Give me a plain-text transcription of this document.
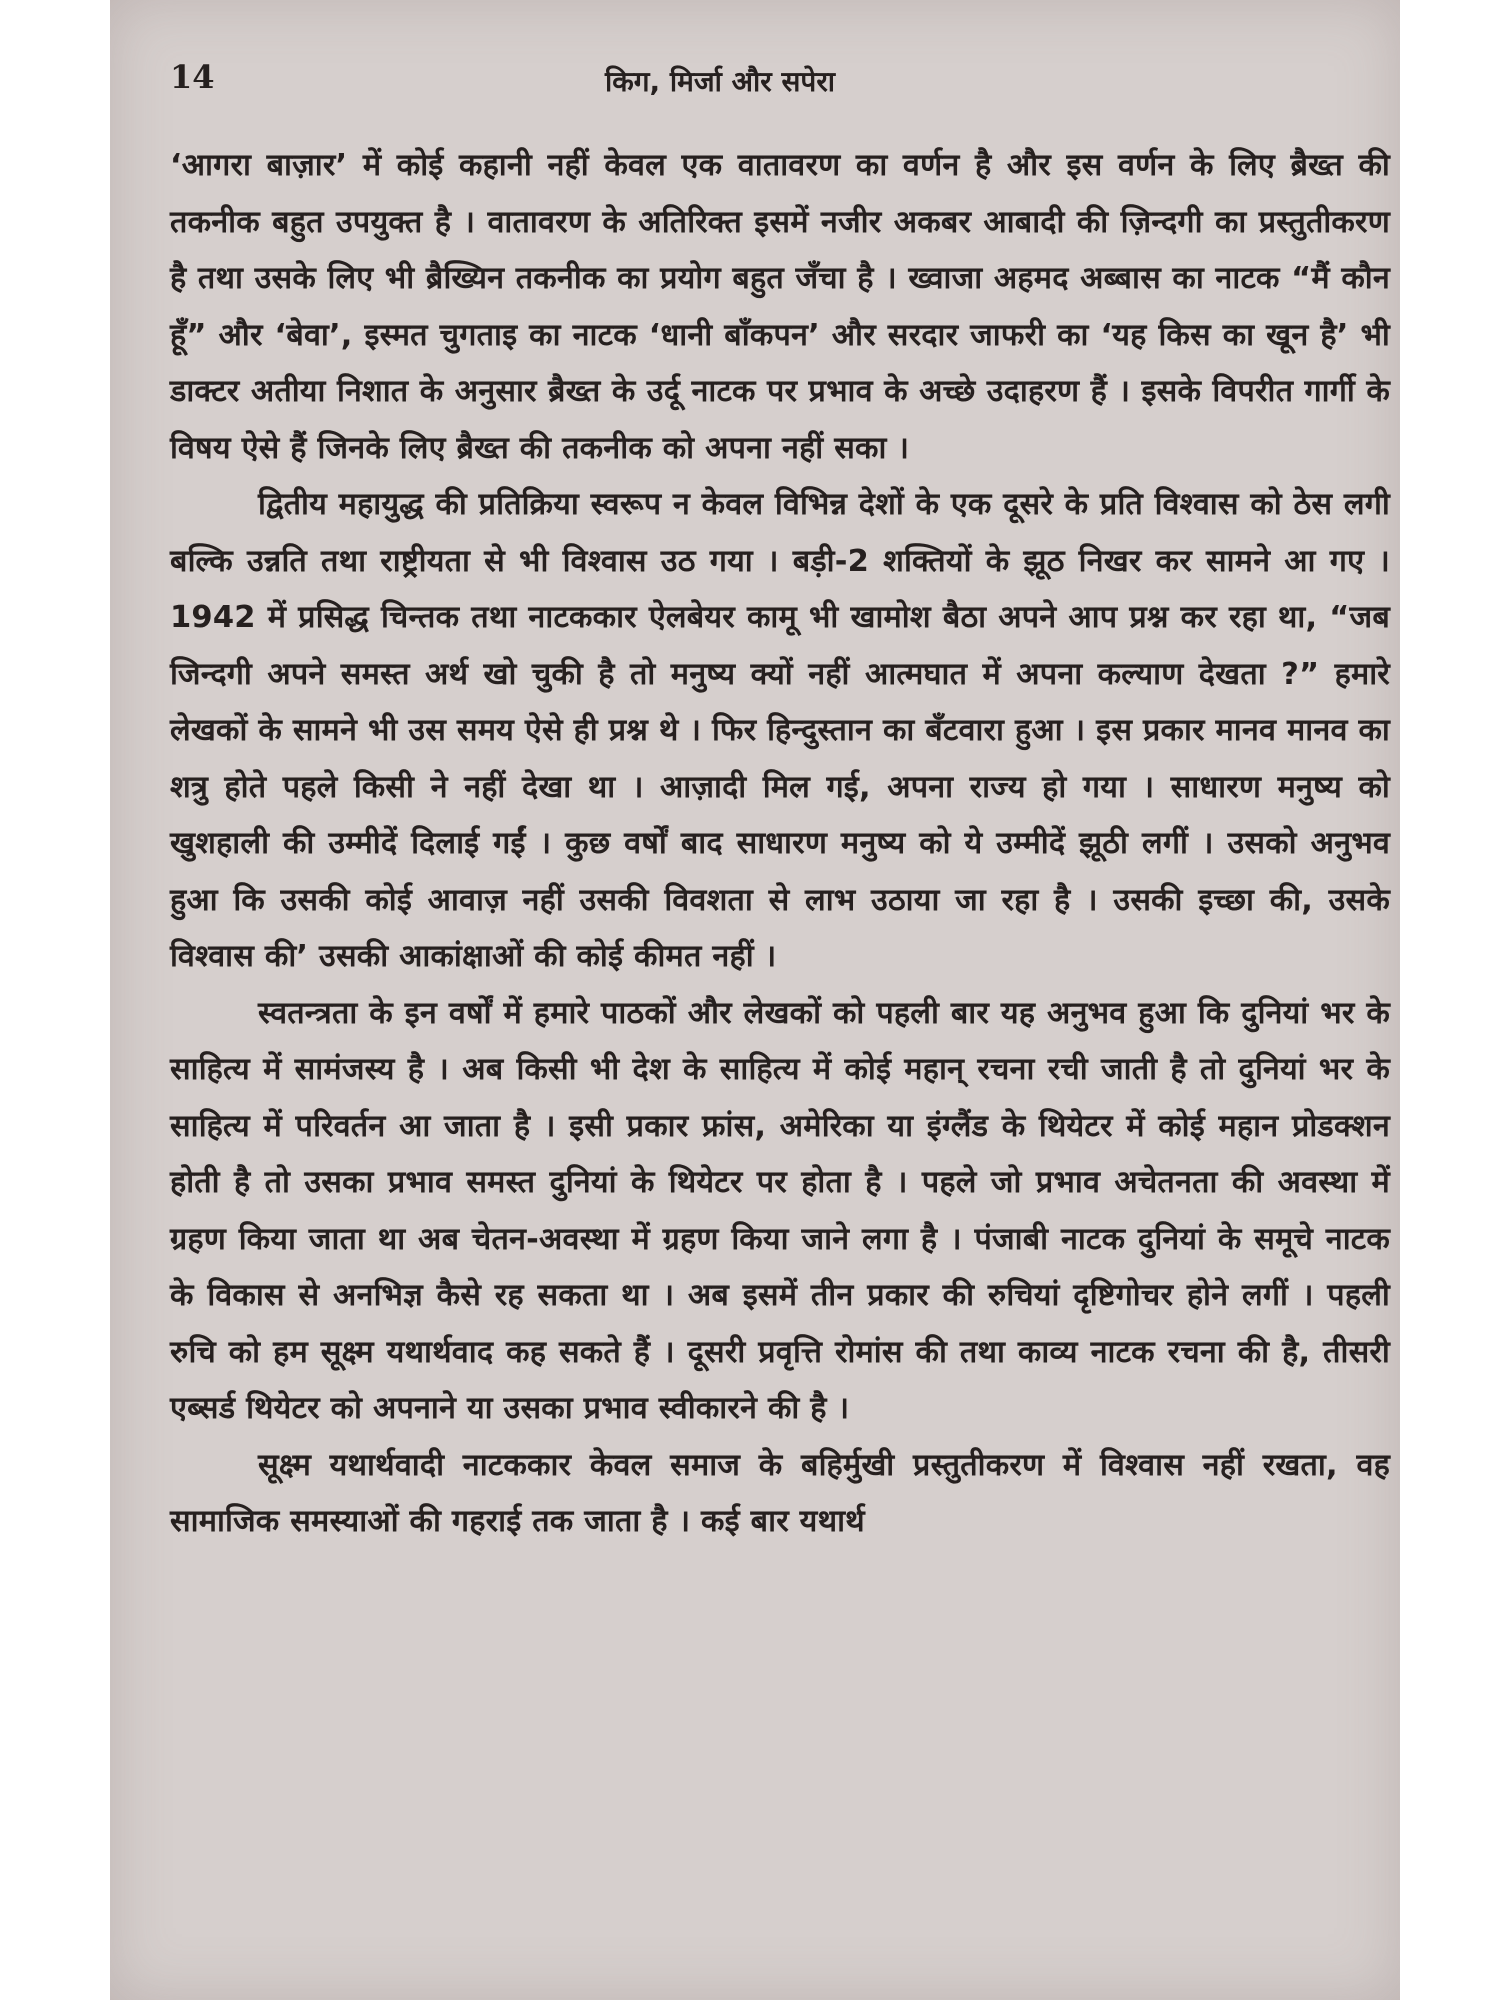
14	किग, मिर्जा और सपेरा

‘आगरा बाज़ार’ में कोई कहानी नहीं केवल एक वातावरण का वर्णन है और इस वर्णन के लिए ब्रैख्त की तकनीक बहुत उपयुक्त है । वातावरण के अतिरिक्त इसमें नजीर अकबर आबादी की ज़िन्दगी का प्रस्तुतीकरण है तथा उसके लिए भी ब्रैख्यिन तकनीक का प्रयोग बहुत जँचा है । ख्वाजा अहमद अब्बास का नाटक “मैं कौन हूँ” और ‘बेवा’, इस्मत चुगताइ का नाटक ‘धानी बाँकपन’ और सरदार जाफरी का ‘यह किस का खून है’ भी डाक्टर अतीया निशात के अनुसार ब्रैख्त के उर्दू नाटक पर प्रभाव के अच्छे उदाहरण हैं । इसके विपरीत गार्गी के विषय ऐसे हैं जिनके लिए ब्रैख्त की तकनीक को अपना नहीं सका ।

द्वितीय महायुद्ध की प्रतिक्रिया स्वरूप न केवल विभिन्न देशों के एक दूसरे के प्रति विश्वास को ठेस लगी बल्कि उन्नति तथा राष्ट्रीयता से भी विश्वास उठ गया । बड़ी-2 शक्तियों के झूठ निखर कर सामने आ गए । 1942 में प्रसिद्ध चिन्तक तथा नाटककार ऐलबेयर कामू भी खामोश बैठा अपने आप प्रश्न कर रहा था, “जब जिन्दगी अपने समस्त अर्थ खो चुकी है तो मनुष्य क्यों नहीं आत्मघात में अपना कल्याण देखता ?” हमारे लेखकों के सामने भी उस समय ऐसे ही प्रश्न थे । फिर हिन्दुस्तान का बँटवारा हुआ । इस प्रकार मानव मानव का शत्रु होते पहले किसी ने नहीं देखा था । आज़ादी मिल गई, अपना राज्य हो गया । साधारण मनुष्य को खुशहाली की उम्मीदें दिलाई गईं । कुछ वर्षों बाद साधारण मनुष्य को ये उम्मीदें झूठी लगीं । उसको अनुभव हुआ कि उसकी कोई आवाज़ नहीं उसकी विवशता से लाभ उठाया जा रहा है । उसकी इच्छा की, उसके विश्वास की’ उसकी आकांक्षाओं की कोई कीमत नहीं ।

स्वतन्त्रता के इन वर्षों में हमारे पाठकों और लेखकों को पहली बार यह अनुभव हुआ कि दुनियां भर के साहित्य में सामंजस्य है । अब किसी भी देश के साहित्य में कोई महान् रचना रची जाती है तो दुनियां भर के साहित्य में परिवर्तन आ जाता है । इसी प्रकार फ्रांस, अमेरिका या इंग्लैंड के थियेटर में कोई महान प्रोडक्शन होती है तो उसका प्रभाव समस्त दुनियां के थियेटर पर होता है । पहले जो प्रभाव अचेतनता की अवस्था में ग्रहण किया जाता था अब चेतन-अवस्था में ग्रहण किया जाने लगा है । पंजाबी नाटक दुनियां के समूचे नाटक के विकास से अनभिज्ञ कैसे रह सकता था । अब इसमें तीन प्रकार की रुचियां दृष्टिगोचर होने लगीं । पहली रुचि को हम सूक्ष्म यथार्थवाद कह सकते हैं । दूसरी प्रवृत्ति रोमांस की तथा काव्य नाटक रचना की है, तीसरी एब्सर्ड थियेटर को अपनाने या उसका प्रभाव स्वीकारने की है ।

सूक्ष्म यथार्थवादी नाटककार केवल समाज के बहिर्मुखी प्रस्तुतीकरण में विश्वास नहीं रखता, वह सामाजिक समस्याओं की गहराई तक जाता है । कई बार यथार्थ
